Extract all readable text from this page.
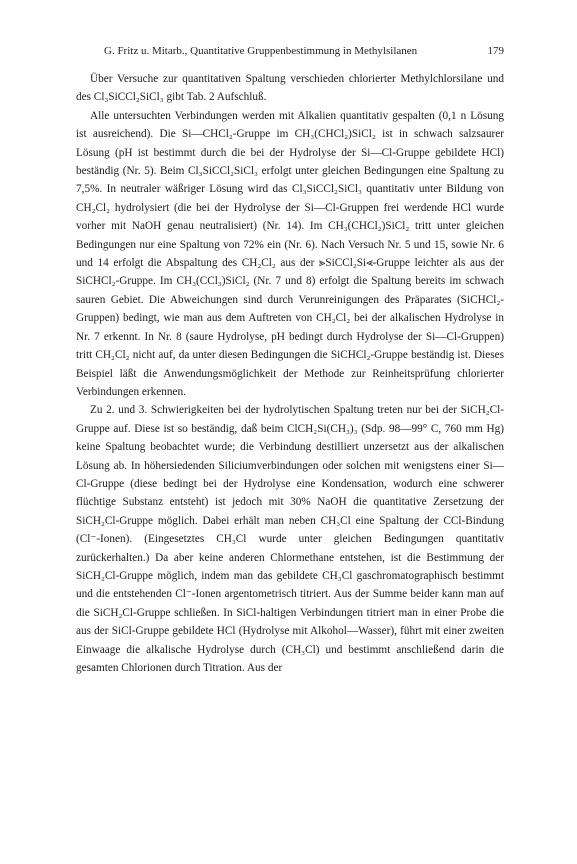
G. Fritz u. Mitarb., Quantitative Gruppenbestimmung in Methylsilanen	179

Über Versuche zur quantitativen Spaltung verschieden chlorierter Methylchlorsilane und des Cl₃SiCCl₂SiCl₃ gibt Tab. 2 Aufschluß.

Alle untersuchten Verbindungen werden mit Alkalien quantitativ gespalten (0,1 n Lösung ist ausreichend). Die Si—CHCl₂-Gruppe im CH₃(CHCl₂)SiCl₂ ist in schwach salzsaurer Lösung (pH ist bestimmt durch die bei der Hydrolyse der Si—Cl-Gruppe gebildete HCl) beständig (Nr. 5). Beim Cl₃SiCCl₂SiCl₃ erfolgt unter gleichen Bedingungen eine Spaltung zu 7,5%. In neutraler wäßriger Lösung wird das Cl₃SiCCl₂SiCl₃ quantitativ unter Bildung von CH₂Cl₂ hydrolysiert (die bei der Hydrolyse der Si—Cl-Gruppen frei werdende HCl wurde vorher mit NaOH genau neutralisiert) (Nr. 14). Im CH₃(CHCl₂)SiCl₂ tritt unter gleichen Bedingungen nur eine Spaltung von 72% ein (Nr. 6). Nach Versuch Nr. 5 und 15, sowie Nr. 6 und 14 erfolgt die Abspaltung des CH₂Cl₂ aus der ⪢SiCCl₂Si⪡-Gruppe leichter als aus der SiCHCl₂-Gruppe. Im CH₃(CCl₃)SiCl₂ (Nr. 7 und 8) erfolgt die Spaltung bereits im schwach sauren Gebiet. Die Abweichungen sind durch Verunreinigungen des Präparates (SiCHCl₂-Gruppen) bedingt, wie man aus dem Auftreten von CH₂Cl₂ bei der alkalischen Hydrolyse in Nr. 7 erkennt. In Nr. 8 (saure Hydrolyse, pH bedingt durch Hydrolyse der Si—Cl-Gruppen) tritt CH₂Cl₂ nicht auf, da unter diesen Bedingungen die SiCHCl₂-Gruppe beständig ist. Dieses Beispiel läßt die Anwendungsmöglichkeit der Methode zur Reinheitsprüfung chlorierter Verbindungen erkennen.

Zu 2. und 3. Schwierigkeiten bei der hydrolytischen Spaltung treten nur bei der SiCH₂Cl-Gruppe auf. Diese ist so beständig, daß beim ClCH₂Si(CH₃)₃ (Sdp. 98—99° C, 760 mm Hg) keine Spaltung beobachtet wurde; die Verbindung destilliert unzersetzt aus der alkalischen Lösung ab. In höhersiedenden Siliciumverbindungen oder solchen mit wenigstens einer Si—Cl-Gruppe (diese bedingt bei der Hydrolyse eine Kondensation, wodurch eine schwerer flüchtige Substanz entsteht) ist jedoch mit 30% NaOH die quantitative Zersetzung der SiCH₂Cl-Gruppe möglich. Dabei erhält man neben CH₃Cl eine Spaltung der CCl-Bindung (Cl⁻-Ionen). (Eingesetztes CH₃Cl wurde unter gleichen Bedingungen quantitativ zurückerhalten.) Da aber keine anderen Chlormethane entstehen, ist die Bestimmung der SiCH₂Cl-Gruppe möglich, indem man das gebildete CH₃Cl gaschromatographisch bestimmt und die entstehenden Cl⁻-Ionen argentometrisch titriert. Aus der Summe beider kann man auf die SiCH₂Cl-Gruppe schließen. In SiCl-haltigen Verbindungen titriert man in einer Probe die aus der SiCl-Gruppe gebildete HCl (Hydrolyse mit Alkohol—Wasser), führt mit einer zweiten Einwaage die alkalische Hydrolyse durch (CH₃Cl) und bestimmt anschließend darin die gesamten Chlorionen durch Titration. Aus der
